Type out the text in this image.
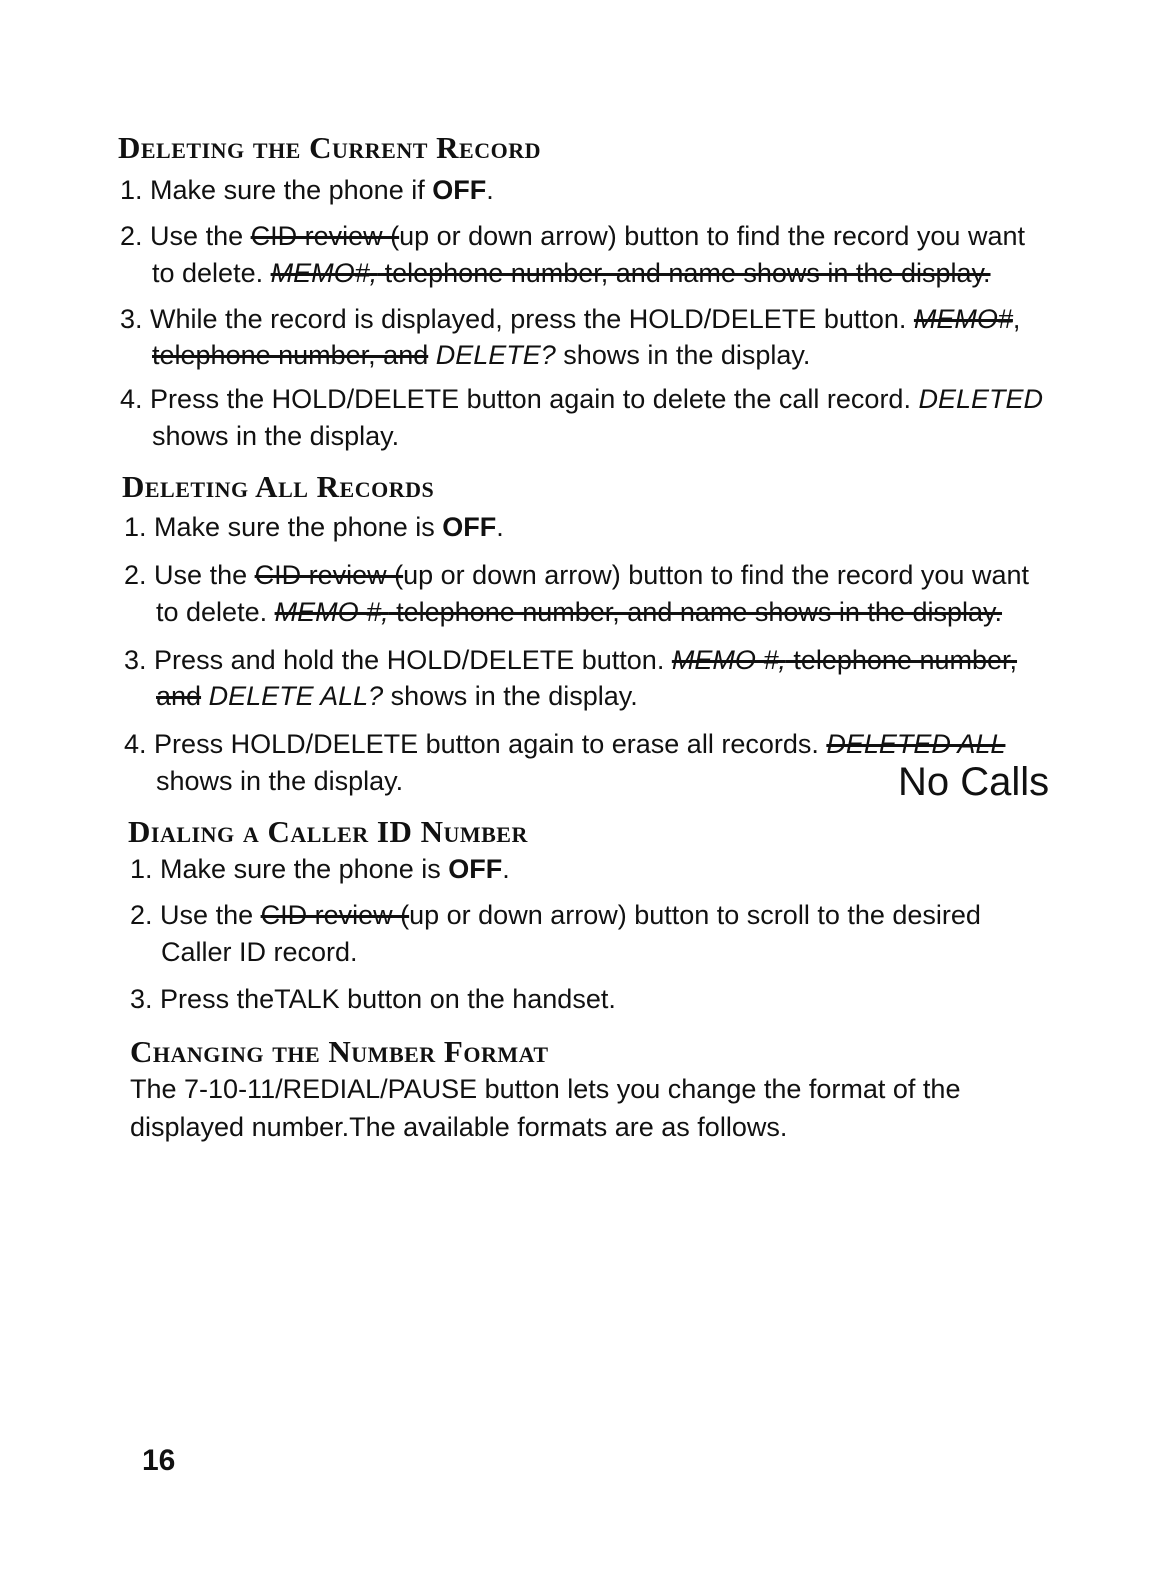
Deleting the Current Record
1. Make sure the phone if OFF.
2. Use the CID review (up or down arrow) button to find the record you want
to delete. MEMO#, telephone number, and name shows in the display.
3. While the record is displayed, press the HOLD/DELETE button. MEMO#,
telephone number, and DELETE? shows in the display.
4. Press the HOLD/DELETE button again to delete the call record. DELETED
shows in the display.
Deleting All Records
1. Make sure the phone is OFF.
2. Use the CID review (up or down arrow) button to find the record you want
to delete. MEMO #, telephone number, and name shows in the display.
3. Press and hold the HOLD/DELETE button. MEMO #, telephone number,
and DELETE ALL? shows in the display.
4. Press HOLD/DELETE button again to erase all records. DELETED ALL
shows in the display.	No Calls
Dialing a Caller ID Number
1. Make sure the phone is OFF.
2. Use the CID review (up or down arrow) button to scroll to the desired
Caller ID record.
3. Press theTALK button on the handset.
Changing the Number Format
The 7-10-11/REDIAL/PAUSE button lets you change the format of the
displayed number.The available formats are as follows.
16
